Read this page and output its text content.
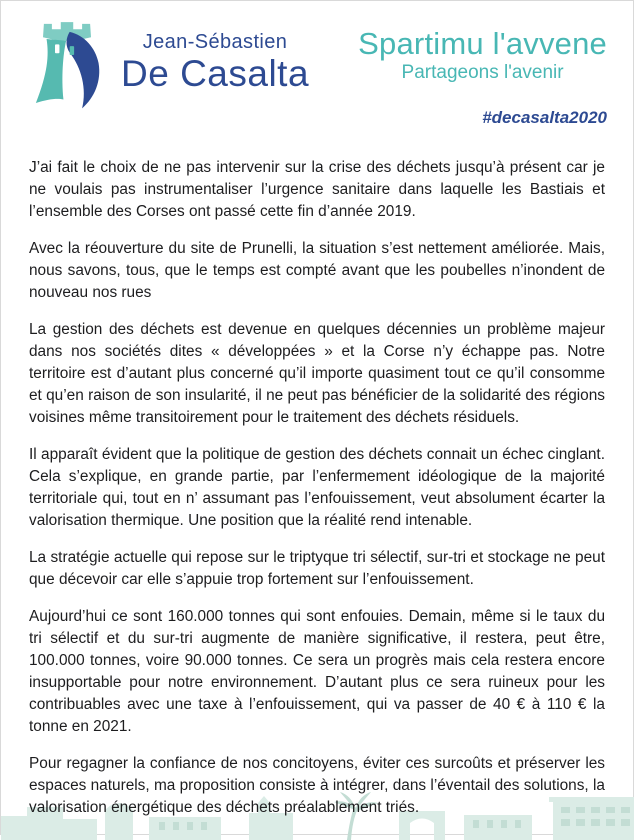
Jean-Sébastien
De Casalta
Spartimu l'avvene
Partageons l'avenir
#decasalta2020

J’ai fait le choix de ne pas intervenir sur la crise des déchets jusqu’à présent car je ne voulais pas instrumentaliser l’urgence sanitaire dans laquelle les Bastiais et l’ensemble des Corses ont passé cette fin d’année 2019.

Avec la réouverture du site de Prunelli, la situation s’est nettement améliorée. Mais, nous savons, tous, que le temps est compté avant que les poubelles n’inondent de nouveau nos rues

La gestion des déchets est devenue en quelques décennies un problème majeur dans nos sociétés dites « développées » et la Corse n’y échappe pas. Notre territoire est d’autant plus concerné qu’il importe quasiment tout ce qu’il consomme et qu’en raison de son insularité, il ne peut pas bénéficier de la solidarité des régions voisines même transitoirement pour le traitement des déchets résiduels.

Il apparaît évident que la politique de gestion des déchets connait un échec cinglant. Cela s’explique, en grande partie, par l’enfermement idéologique de la majorité territoriale qui, tout en n’ assumant pas l’enfouissement, veut absolument écarter la valorisation thermique. Une position que la réalité rend intenable.

La stratégie actuelle qui repose sur le triptyque tri sélectif, sur-tri et stockage ne peut que décevoir car elle s’appuie trop fortement sur l’enfouissement.

Aujourd’hui ce sont 160.000 tonnes qui sont enfouies. Demain, même si le taux du tri sélectif et du sur-tri augmente de manière significative, il restera, peut être, 100.000 tonnes, voire 90.000 tonnes. Ce sera un progrès mais cela restera encore insupportable pour notre environnement. D’autant plus ce sera ruineux pour les contribuables avec une taxe à l’enfouissement, qui va passer de 40 € à 110 € la tonne en 2021.

Pour regagner la confiance de nos concitoyens, éviter ces surcoûts et préserver les espaces naturels, ma proposition consiste à intégrer, dans l’éventail des solutions, la valorisation énergétique des déchets préalablement triés.
